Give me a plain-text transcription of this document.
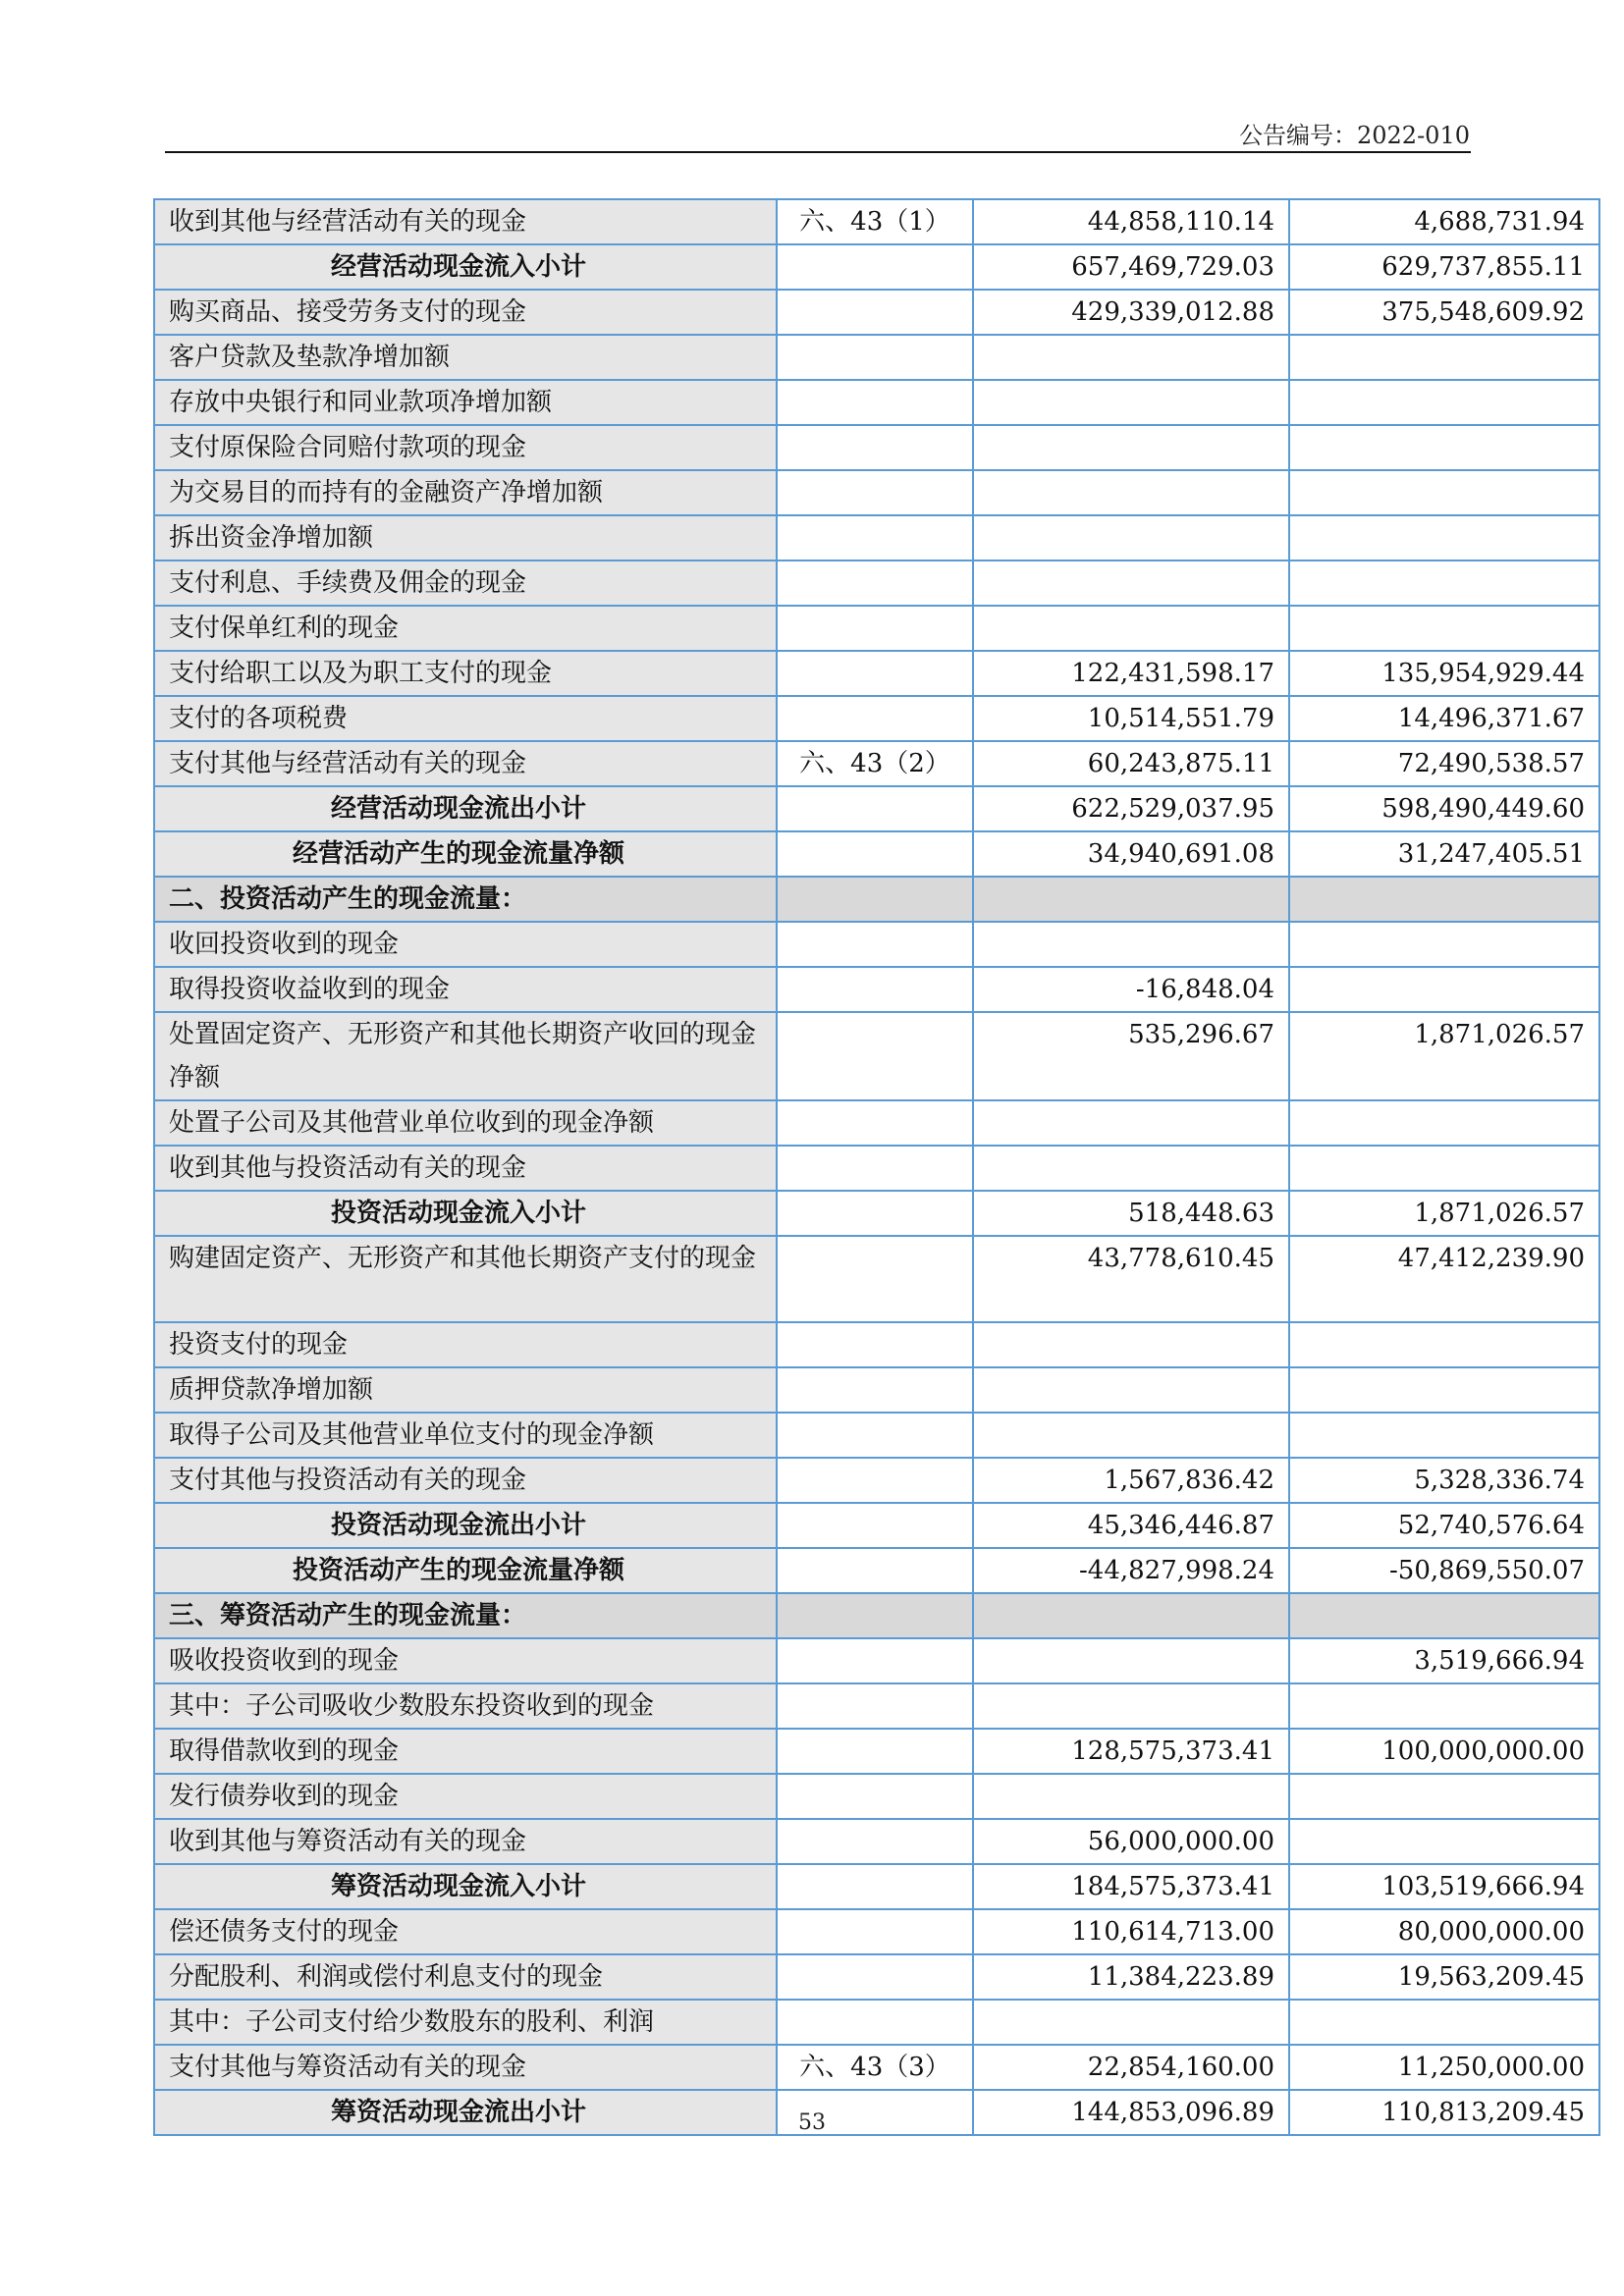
公告编号：2022-010
收到其他与经营活动有关的现金	六、43（1）	44,858,110.14	4,688,731.94
经营活动现金流入小计		657,469,729.03	629,737,855.11
购买商品、接受劳务支付的现金		429,339,012.88	375,548,609.92
客户贷款及垫款净增加额			
存放中央银行和同业款项净增加额			
支付原保险合同赔付款项的现金			
为交易目的而持有的金融资产净增加额			
拆出资金净增加额			
支付利息、手续费及佣金的现金			
支付保单红利的现金			
支付给职工以及为职工支付的现金		122,431,598.17	135,954,929.44
支付的各项税费		10,514,551.79	14,496,371.67
支付其他与经营活动有关的现金	六、43（2）	60,243,875.11	72,490,538.57
经营活动现金流出小计		622,529,037.95	598,490,449.60
经营活动产生的现金流量净额		34,940,691.08	31,247,405.51
二、投资活动产生的现金流量：			
收回投资收到的现金			
取得投资收益收到的现金		-16,848.04	
处置固定资产、无形资产和其他长期资产收回的现金净额		535,296.67	1,871,026.57
处置子公司及其他营业单位收到的现金净额			
收到其他与投资活动有关的现金			
投资活动现金流入小计		518,448.63	1,871,026.57
购建固定资产、无形资产和其他长期资产支付的现金		43,778,610.45	47,412,239.90
投资支付的现金			
质押贷款净增加额			
取得子公司及其他营业单位支付的现金净额			
支付其他与投资活动有关的现金		1,567,836.42	5,328,336.74
投资活动现金流出小计		45,346,446.87	52,740,576.64
投资活动产生的现金流量净额		-44,827,998.24	-50,869,550.07
三、筹资活动产生的现金流量：			
吸收投资收到的现金			3,519,666.94
其中：子公司吸收少数股东投资收到的现金			
取得借款收到的现金		128,575,373.41	100,000,000.00
发行债券收到的现金			
收到其他与筹资活动有关的现金		56,000,000.00	
筹资活动现金流入小计		184,575,373.41	103,519,666.94
偿还债务支付的现金		110,614,713.00	80,000,000.00
分配股利、利润或偿付利息支付的现金		11,384,223.89	19,563,209.45
其中：子公司支付给少数股东的股利、利润			
支付其他与筹资活动有关的现金	六、43（3）	22,854,160.00	11,250,000.00
筹资活动现金流出小计		144,853,096.89	110,813,209.45
53
